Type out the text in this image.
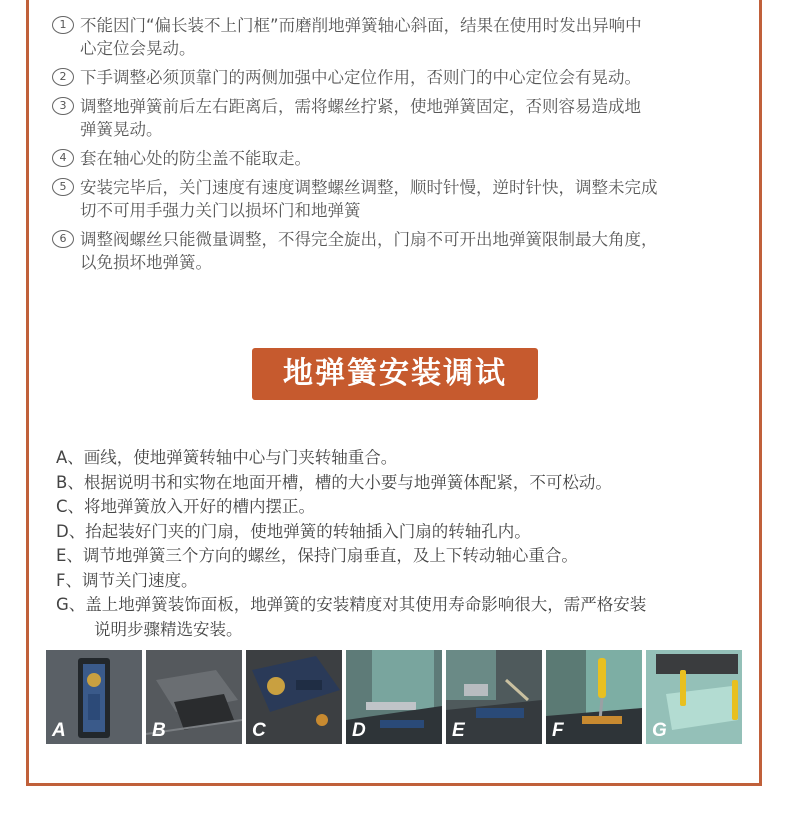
1 不能因门“偏长装不上门框”而磨削地弹簧轴心斜面，结果在使用时发出异响中
心定位会晃动。
2 下手调整必须顶靠门的两侧加强中心定位作用，否则门的中心定位会有晃动。
3 调整地弹簧前后左右距离后，需将螺丝拧紧，使地弹簧固定，否则容易造成地
弹簧晃动。
4 套在轴心处的防尘盖不能取走。
5 安装完毕后，关门速度有速度调整螺丝调整，顺时针慢，逆时针快，调整未完成
切不可用手强力关门以损坏门和地弹簧
6 调整阀螺丝只能微量调整，不得完全旋出，门扇不可开出地弹簧限制最大角度，
以免损坏地弹簧。
地弹簧安装调试
A、画线，使地弹簧转轴中心与门夹转轴重合。
B、根据说明书和实物在地面开槽，槽的大小要与地弹簧体配紧，不可松动。
C、将地弹簧放入开好的槽内摆正。
D、抬起装好门夹的门扇，使地弹簧的转轴插入门扇的转轴孔内。
E、调节地弹簧三个方向的螺丝，保持门扇垂直，及上下转动轴心重合。
F、调节关门速度。
G、盖上地弹簧装饰面板，地弹簧的安装精度对其使用寿命影响很大，需严格安装
说明步骤精选安装。
A	B	C	D	E	F	G
